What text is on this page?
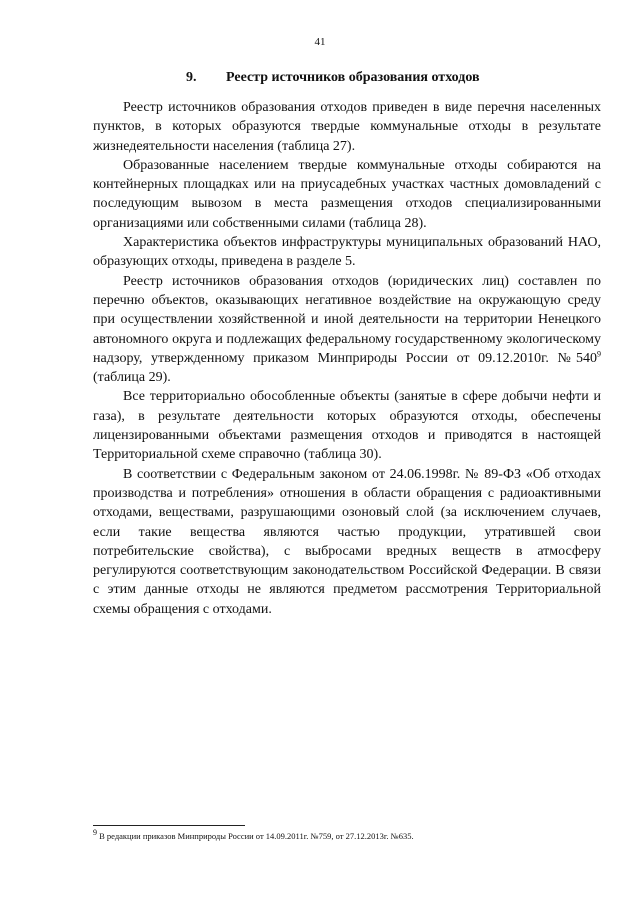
41
9. Реестр источников образования отходов

Реестр источников образования отходов приведен в виде перечня населенных пунктов, в которых образуются твердые коммунальные отходы в результате жизнедеятельности населения (таблица 27).

Образованные населением твердые коммунальные отходы собираются на контейнерных площадках или на приусадебных участках частных домовладений с последующим вывозом в места размещения отходов специализированными организациями или собственными силами (таблица 28).

Характеристика объектов инфраструктуры муниципальных образований НАО, образующих отходы, приведена в разделе 5.

Реестр источников образования отходов (юридических лиц) составлен по перечню объектов, оказывающих негативное воздействие на окружающую среду при осуществлении хозяйственной и иной деятельности на территории Ненецкого автономного округа и подлежащих федеральному государственному экологическому надзору, утвержденному приказом Минприроды России от 09.12.2010г. $№540^9$ (таблица 29).

Все территориально обособленные объекты (занятые в сфере добычи нефти и газа), в результате деятельности которых образуются отходы, обеспечены лицензированными объектами размещения отходов и приводятся в настоящей Территориальной схеме справочно (таблица 30).

В соответствии с Федеральным законом от 24.06.1998г. № 89-ФЗ «Об отходах производства и потребления» отношения в области обращения с радиоактивными отходами, веществами, разрушающими озоновый слой (за исключением случаев, если такие вещества являются частью продукции, утратившей свои потребительские свойства), с выбросами вредных веществ в атмосферу регулируются соответствующим законодательством Российской Федерации. В связи с этим данные отходы не являются предметом рассмотрения Территориальной схемы обращения с отходами.

$^9$ В редакции приказов Минприроды России от 14.09.2011г. №759, от 27.12.2013г. №635.
